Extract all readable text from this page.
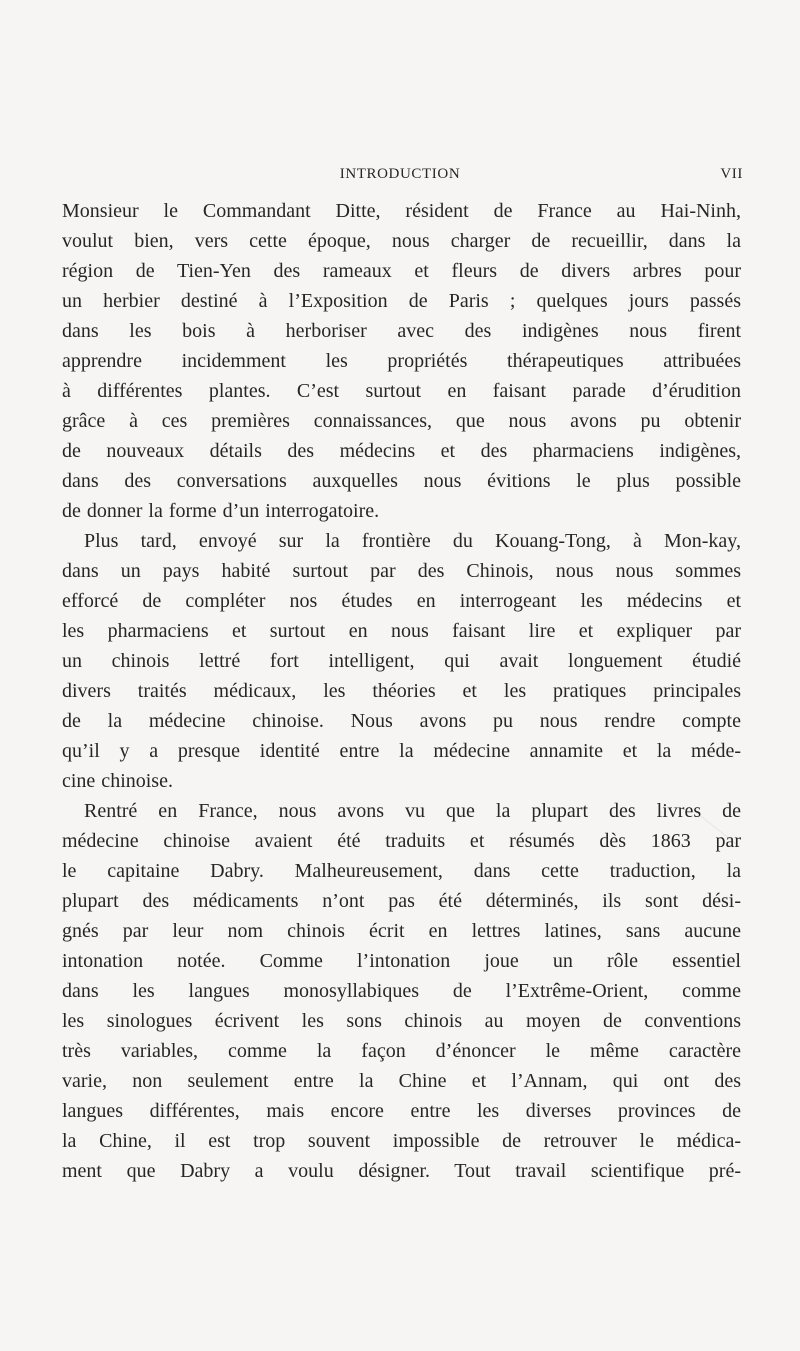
INTRODUCTION	VII
Monsieur le Commandant Ditte, résident de France au Hai-Ninh,
voulut bien, vers cette époque, nous charger de recueillir, dans la
région de Tien-Yen des rameaux et fleurs de divers arbres pour
un herbier destiné à l’Exposition de Paris ; quelques jours passés
dans les bois à herboriser avec des indigènes nous firent
apprendre incidemment les propriétés thérapeutiques attribuées
à différentes plantes. C’est surtout en faisant parade d’érudition
grâce à ces premières connaissances, que nous avons pu obtenir
de nouveaux détails des médecins et des pharmaciens indigènes,
dans des conversations auxquelles nous évitions le plus possible
de donner la forme d’un interrogatoire.
Plus tard, envoyé sur la frontière du Kouang-Tong, à Mon-kay,
dans un pays habité surtout par des Chinois, nous nous sommes
efforcé de compléter nos études en interrogeant les médecins et
les pharmaciens et surtout en nous faisant lire et expliquer par
un chinois lettré fort intelligent, qui avait longuement étudié
divers traités médicaux, les théories et les pratiques principales
de la médecine chinoise. Nous avons pu nous rendre compte
qu’il y a presque identité entre la médecine annamite et la méde-
cine chinoise.
Rentré en France, nous avons vu que la plupart des livres de
médecine chinoise avaient été traduits et résumés dès 1863 par
le capitaine Dabry. Malheureusement, dans cette traduction, la
plupart des médicaments n’ont pas été déterminés, ils sont dési-
gnés par leur nom chinois écrit en lettres latines, sans aucune
intonation notée. Comme l’intonation joue un rôle essentiel
dans les langues monosyllabiques de l’Extrême-Orient, comme
les sinologues écrivent les sons chinois au moyen de conventions
très variables, comme la façon d’énoncer le même caractère
varie, non seulement entre la Chine et l’Annam, qui ont des
langues différentes, mais encore entre les diverses provinces de
la Chine, il est trop souvent impossible de retrouver le médica-
ment que Dabry a voulu désigner. Tout travail scientifique pré-
